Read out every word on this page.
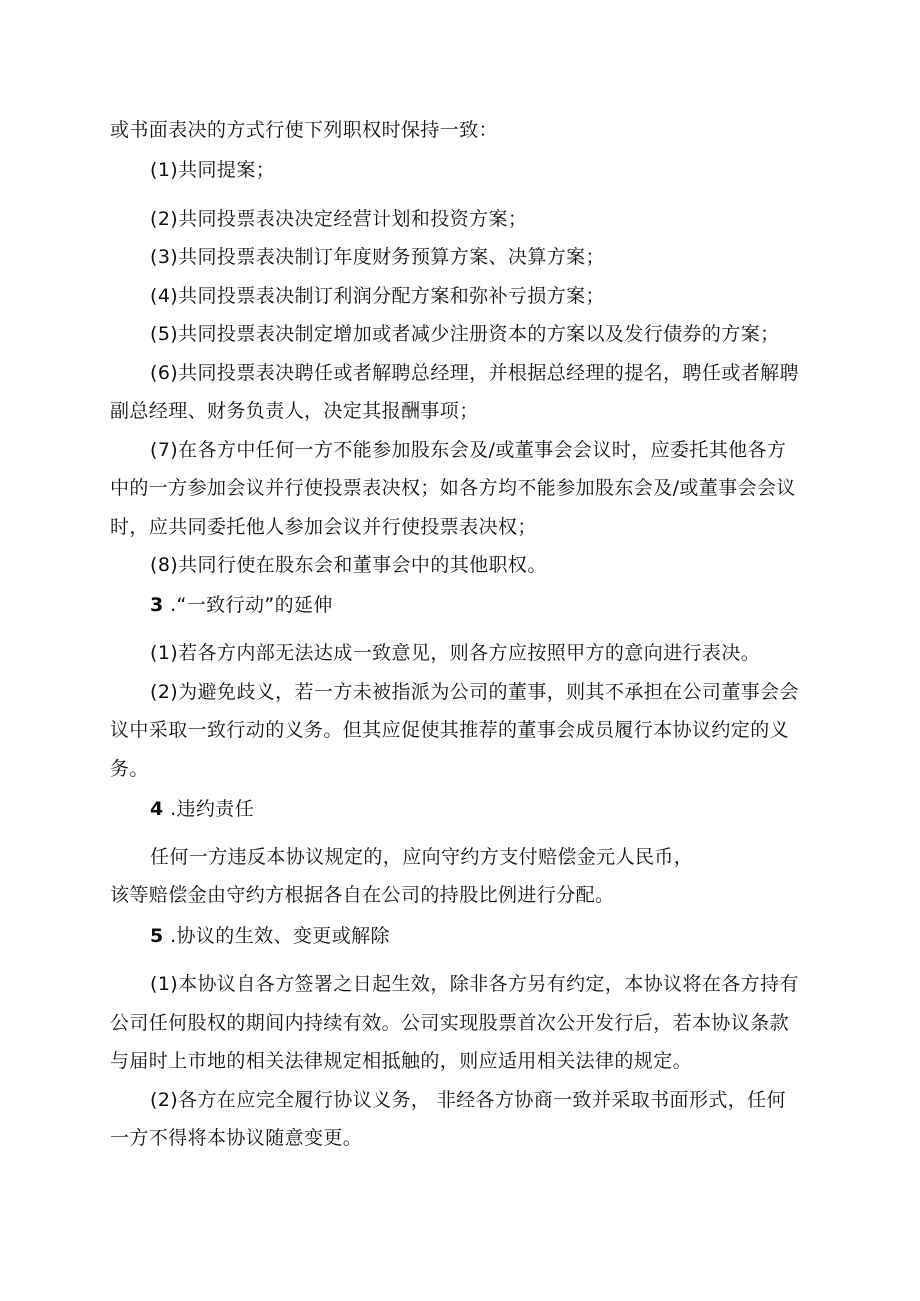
或书面表决的方式行使下列职权时保持一致：

(1)共同提案；

(2)共同投票表决决定经营计划和投资方案；

(3)共同投票表决制订年度财务预算方案、决算方案；

(4)共同投票表决制订利润分配方案和弥补亏损方案；

(5)共同投票表决制定增加或者减少注册资本的方案以及发行债券的方案；

(6)共同投票表决聘任或者解聘总经理，并根据总经理的提名，聘任或者解聘

副总经理、财务负责人，决定其报酬事项；

(7)在各方中任何一方不能参加股东会及/或董事会会议时，应委托其他各方

中的一方参加会议并行使投票表决权；如各方均不能参加股东会及/或董事会会议

时，应共同委托他人参加会议并行使投票表决权；

(8)共同行使在股东会和董事会中的其他职权。

3 .“一致行动”的延伸

(1)若各方内部无法达成一致意见，则各方应按照甲方的意向进行表决。

(2)为避免歧义，若一方未被指派为公司的董事，则其不承担在公司董事会会

议中采取一致行动的义务。但其应促使其推荐的董事会成员履行本协议约定的义

务。

4 .违约责任

任何一方违反本协议规定的，应向守约方支付赔偿金元人民币，

该等赔偿金由守约方根据各自在公司的持股比例进行分配。

5 .协议的生效、变更或解除

(1)本协议自各方签署之日起生效，除非各方另有约定，本协议将在各方持有

公司任何股权的期间内持续有效。公司实现股票首次公开发行后，若本协议条款

与届时上市地的相关法律规定相抵触的，则应适用相关法律的规定。

(2)各方在应完全履行协议义务， 非经各方协商一致并采取书面形式，任何

一方不得将本协议随意变更。
